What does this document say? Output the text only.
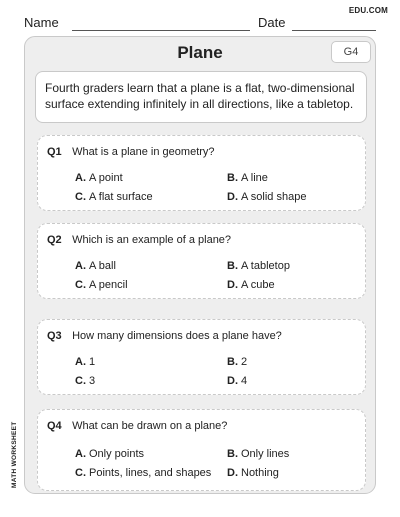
EDU.COM
Name	Date
Plane	G4
Fourth graders learn that a plane is a flat, two-dimensional surface extending infinitely in all directions, like a tabletop.
Q1 What is a plane in geometry?
A. A point	B. A line
C. A flat surface	D. A solid shape
Q2 Which is an example of a plane?
A. A ball	B. A tabletop
C. A pencil	D. A cube
Q3 How many dimensions does a plane have?
A. 1	B. 2
C. 3	D. 4
Q4 What can be drawn on a plane?
A. Only points	B. Only lines
C. Points, lines, and shapes D. Nothing
MATH WORKSHEET
